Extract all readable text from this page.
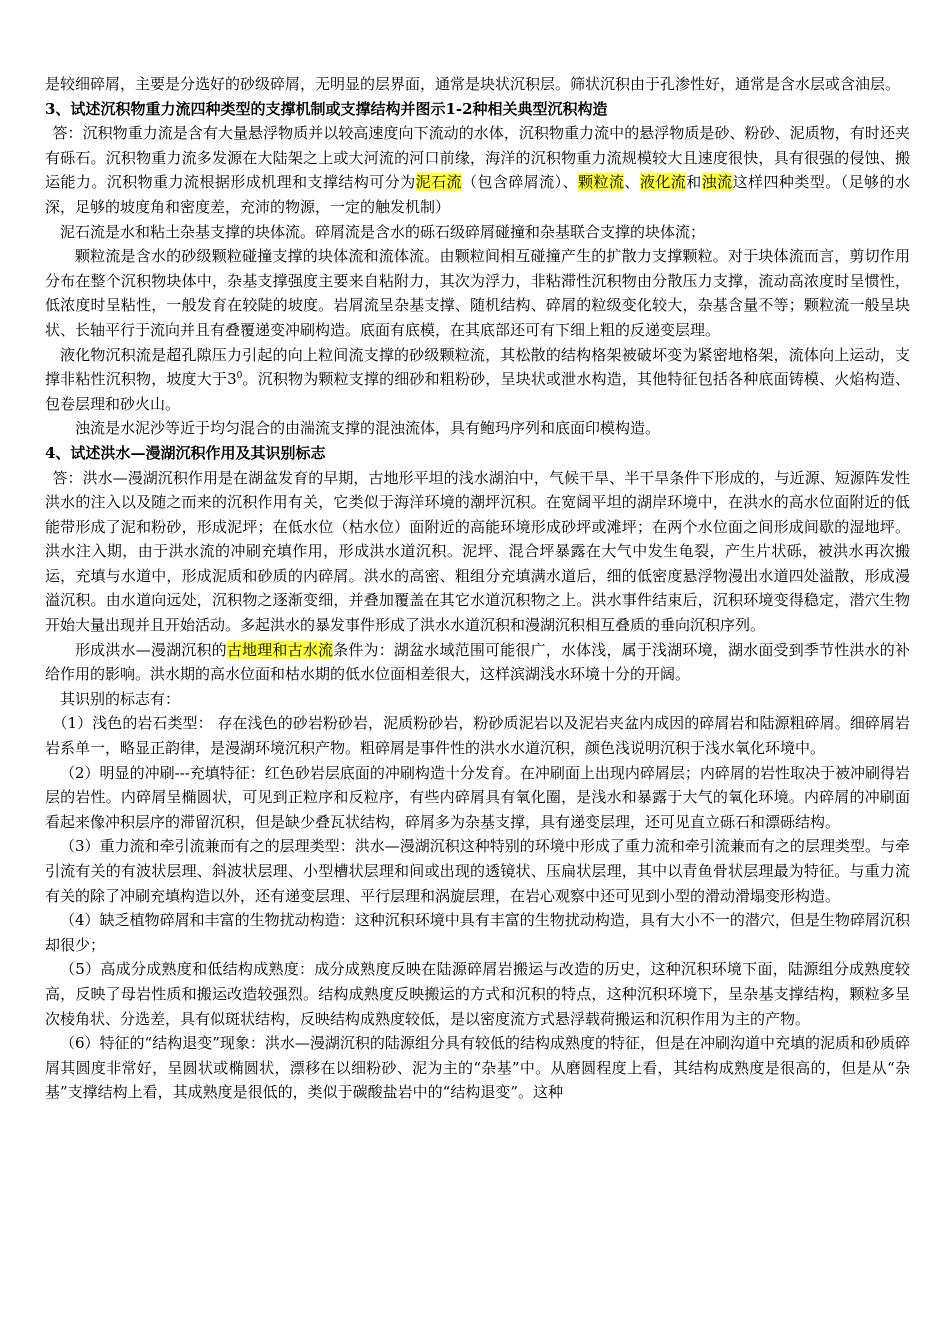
是较细碎屑，主要是分选好的砂级碎屑，无明显的层界面，通常是块状沉积层。筛状沉积由于孔渗性好，通常是含水层或含油层。

3、试述沉积物重力流四种类型的支撑机制或支撑结构并图示1-2种相关典型沉积构造

答：沉积物重力流是含有大量悬浮物质并以较高速度向下流动的水体，沉积物重力流中的悬浮物质是砂、粉砂、泥质物，有时还夹有砾石。沉积物重力流多发源在大陆架之上或大河流的河口前缘，海洋的沉积物重力流规模较大且速度很快，具有很强的侵蚀、搬运能力。沉积物重力流根据形成机理和支撑结构可分为泥石流（包含碎屑流）、颗粒流、液化流和浊流这样四种类型。（足够的水深，足够的坡度角和密度差，充沛的物源，一定的触发机制）

泥石流是水和粘土杂基支撑的块体流。碎屑流是含水的砾石级碎屑碰撞和杂基联合支撑的块体流；

颗粒流是含水的砂级颗粒碰撞支撑的块体流和流体流。由颗粒间相互碰撞产生的扩散力支撑颗粒。对于块体流而言，剪切作用分布在整个沉积物块体中，杂基支撑强度主要来自粘附力，其次为浮力，非粘滞性沉积物由分散压力支撑，流动高浓度时呈惯性，低浓度时呈粘性，一般发育在较陡的坡度。岩屑流呈杂基支撑、随机结构、碎屑的粒级变化较大，杂基含量不等；颗粒流一般呈块状、长轴平行于流向并且有叠覆递变冲刷构造。底面有底模，在其底部还可有下细上粗的反递变层理。

液化物沉积流是超孔隙压力引起的向上粒间流支撑的砂级颗粒流，其松散的结构格架被破坏变为紧密地格架，流体向上运动，支撑非粘性沉积物，坡度大于$3^0$。沉积物为颗粒支撑的细砂和粗粉砂，呈块状或泄水构造，其他特征包括各种底面铸模、火焰构造、包卷层理和砂火山。

浊流是水泥沙等近于均匀混合的由湍流支撑的混浊流体，具有鲍玛序列和底面印模构造。

4、试述洪水—漫湖沉积作用及其识别标志

答：洪水—漫湖沉积作用是在湖盆发育的早期，古地形平坦的浅水湖泊中，气候干旱、半干旱条件下形成的，与近源、短源阵发性洪水的注入以及随之而来的沉积作用有关，它类似于海洋环境的潮坪沉积。在宽阔平坦的湖岸环境中，在洪水的高水位面附近的低能带形成了泥和粉砂，形成泥坪；在低水位（枯水位）面附近的高能环境形成砂坪或滩坪；在两个水位面之间形成间歇的湿地坪。洪水注入期，由于洪水流的冲刷充填作用，形成洪水道沉积。泥坪、混合坪暴露在大气中发生龟裂，产生片状砾，被洪水再次搬运，充填与水道中，形成泥质和砂质的内碎屑。洪水的高密、粗组分充填满水道后，细的低密度悬浮物漫出水道四处溢散，形成漫溢沉积。由水道向远处，沉积物之逐渐变细，并叠加覆盖在其它水道沉积物之上。洪水事件结束后，沉积环境变得稳定，潜穴生物开始大量出现并且开始活动。多起洪水的暴发事件形成了洪水水道沉积和漫湖沉积相互叠质的垂向沉积序列。

形成洪水—漫湖沉积的古地理和古水流条件为：湖盆水域范围可能很广，水体浅，属于浅湖环境，湖水面受到季节性洪水的补给作用的影响。洪水期的高水位面和枯水期的低水位面相差很大，这样滨湖浅水环境十分的开阔。

其识别的标志有：

（1）浅色的岩石类型： 存在浅色的砂岩粉砂岩，泥质粉砂岩，粉砂质泥岩以及泥岩夹盆内成因的碎屑岩和陆源粗碎屑。细碎屑岩岩系单一，略显正韵律，是漫湖环境沉积产物。粗碎屑是事件性的洪水水道沉积，颜色浅说明沉积于浅水氧化环境中。

（2）明显的冲刷---充填特征：红色砂岩层底面的冲刷构造十分发育。在冲刷面上出现内碎屑层；内碎屑的岩性取决于被冲刷得岩层的岩性。内碎屑呈椭圆状，可见到正粒序和反粒序，有些内碎屑具有氧化圈，是浅水和暴露于大气的氧化环境。内碎屑的冲刷面看起来像冲积层序的滞留沉积，但是缺少叠瓦状结构，碎屑多为杂基支撑，具有递变层理，还可见直立砾石和漂砾结构。

（3）重力流和牵引流兼而有之的层理类型：洪水—漫湖沉积这种特别的环境中形成了重力流和牵引流兼而有之的层理类型。与牵引流有关的有波状层理、斜波状层理、小型槽状层理和间或出现的透镜状、压扁状层理，其中以青鱼骨状层理最为特征。与重力流有关的除了冲刷充填构造以外，还有递变层理、平行层理和涡旋层理，在岩心观察中还可见到小型的滑动滑塌变形构造。

（4）缺乏植物碎屑和丰富的生物扰动构造：这种沉积环境中具有丰富的生物扰动构造，具有大小不一的潜穴，但是生物碎屑沉积却很少；

（5）高成分成熟度和低结构成熟度：成分成熟度反映在陆源碎屑岩搬运与改造的历史，这种沉积环境下面，陆源组分成熟度较高，反映了母岩性质和搬运改造较强烈。结构成熟度反映搬运的方式和沉积的特点，这种沉积环境下，呈杂基支撑结构，颗粒多呈次棱角状、分选差，具有似斑状结构，反映结构成熟度较低，是以密度流方式悬浮载荷搬运和沉积作用为主的产物。

（6）特征的“结构退变”现象：洪水—漫湖沉积的陆源组分具有较低的结构成熟度的特征，但是在冲刷沟道中充填的泥质和砂质碎屑其圆度非常好，呈圆状或椭圆状，漂移在以细粉砂、泥为主的“杂基”中。从磨圆程度上看，其结构成熟度是很高的，但是从“杂基”支撑结构上看，其成熟度是很低的，类似于碳酸盐岩中的“结构退变”。这种
